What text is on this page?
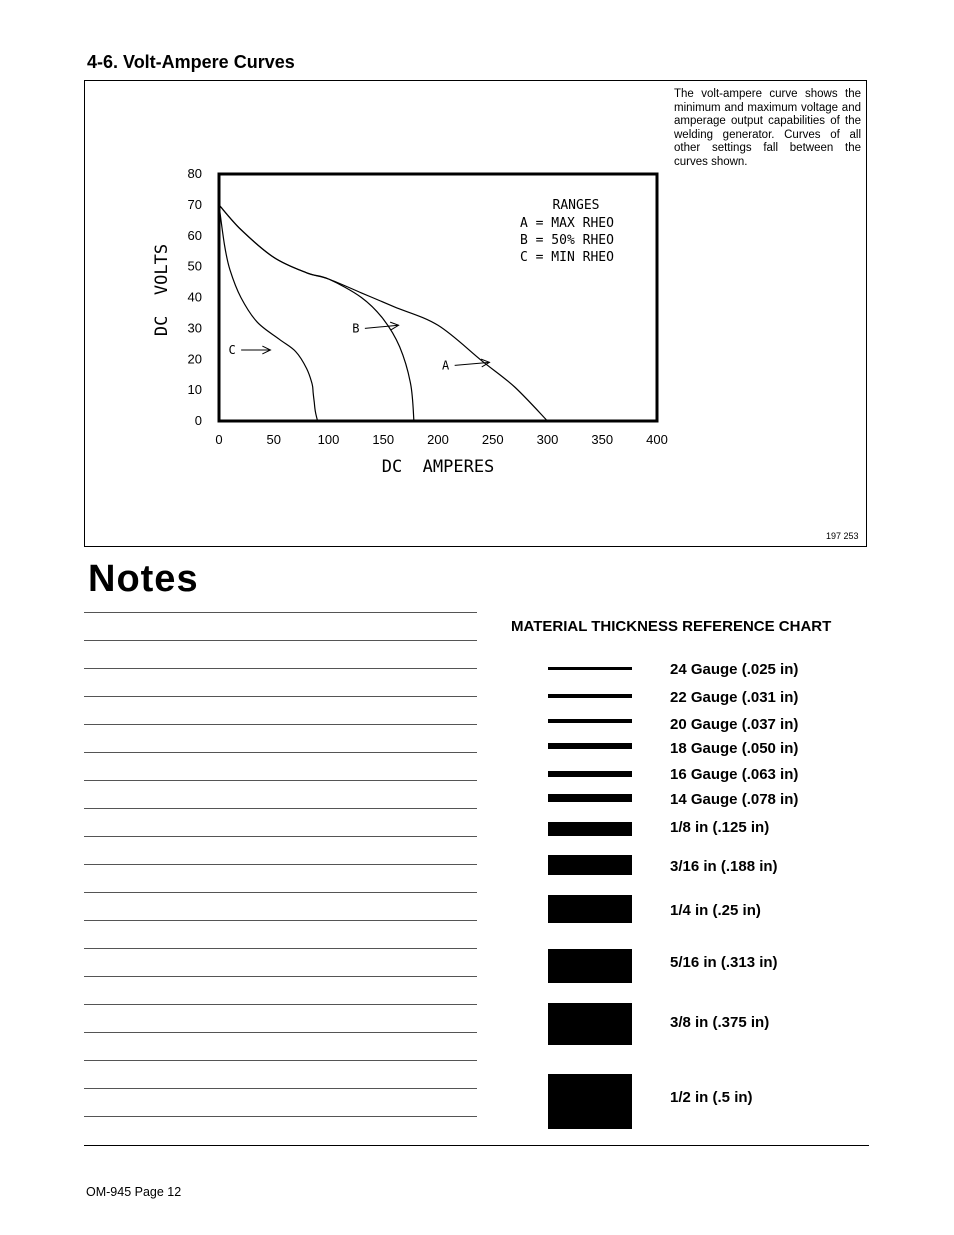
4-6. Volt-Ampere Curves
The volt-ampere curve shows the minimum and maximum voltage and amperage output capabilities of the welding generator. Curves of all other settings fall between the curves shown.
197 253
0	50	100	150	200	250	300	350	400
0
10
20
30
40
50
60
70
80
A
B
C
RANGES
A = MAX RHEO
B = 50% RHEO
C = MIN RHEO
DC  AMPERES
DC  VOLTS
Notes
MATERIAL THICKNESS REFERENCE CHART
24 Gauge (.025 in)
22 Gauge (.031 in)
20 Gauge (.037 in)
18 Gauge (.050 in)
16 Gauge (.063 in)
14 Gauge (.078 in)
1/8 in (.125 in)
3/16 in (.188 in)
1/4 in (.25 in)
5/16 in (.313 in)
3/8 in (.375 in)
1/2 in (.5 in)
OM-945 Page 12
